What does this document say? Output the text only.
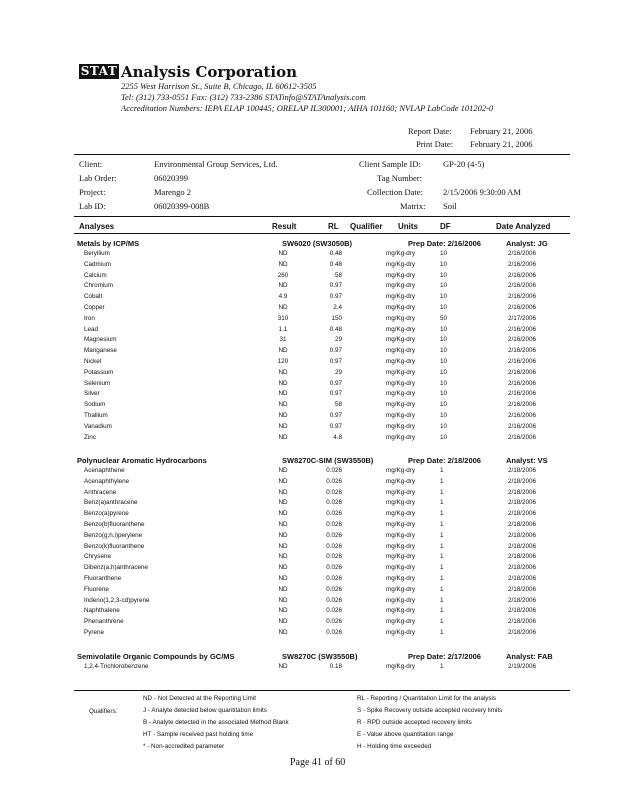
STAT Analysis Corporation
2255 West Harrison St., Suite B, Chicago, IL 60612-3505
Tel: (312) 733-0551 Fax: (312) 733-2386 STATinfo@STATAnalysis.com
Accreditation Numbers: IEPA ELAP 100445; ORELAP IL300001; AIHA 101160; NVLAP LabCode 101202-0
Report Date: February 21, 2006
Print Date: February 21, 2006
Client:	Environmental Group Services, Ltd.
Lab Order:	06020399
Project:	Marengo 2
Lab ID:	06020399-008B
Client Sample ID:	GP-20 (4-5)
Tag Number:
Collection Date: 2/15/2006 9:30:00 AM
Matrix: Soil
Analyses	Result	RL Qualifier Units	DF	Date Analyzed
Metals by ICP/MS	SW6020 (SW3050B)	Prep Date: 2/16/2006	Analyst: JG
Beryllium	ND	0.48	mg/Kg-dry	10	2/16/2006
Cadmium	ND	0.48	mg/Kg-dry	10	2/16/2006
Calcium	260	58	mg/Kg-dry	10	2/16/2006
Chromium	ND	0.97	mg/Kg-dry	10	2/16/2006
Cobalt	4.9	0.97	mg/Kg-dry	10	2/16/2006
Copper	ND	2.4	mg/Kg-dry	10	2/16/2006
Iron	310	150	mg/Kg-dry	50	2/17/2006
Lead	1.1	0.48	mg/Kg-dry	10	2/16/2006
Magnesium	31	29	mg/Kg-dry	10	2/16/2006
Manganese	ND	0.97	mg/Kg-dry	10	2/16/2006
Nickel	120	0.97	mg/Kg-dry	10	2/16/2006
Potassium	ND	29	mg/Kg-dry	10	2/16/2006
Selenium	ND	0.97	mg/Kg-dry	10	2/16/2006
Silver	ND	0.97	mg/Kg-dry	10	2/16/2006
Sodium	ND	58	mg/Kg-dry	10	2/16/2006
Thallium	ND	0.97	mg/Kg-dry	10	2/16/2006
Vanadium	ND	0.97	mg/Kg-dry	10	2/16/2006
Zinc	ND	4.8	mg/Kg-dry	10	2/16/2006
Polynuclear Aromatic Hydrocarbons	SW8270C-SIM (SW3550B)	Prep Date: 2/18/2006	Analyst: VS
Acenaphthene	ND	0.026	mg/Kg-dry	1	2/18/2006
Acenaphthylene	ND	0.026	mg/Kg-dry	1	2/18/2006
Anthracene	ND	0.026	mg/Kg-dry	1	2/18/2006
Benz(a)anthracene	ND	0.026	mg/Kg-dry	1	2/18/2006
Benzo(a)pyrene	ND	0.026	mg/Kg-dry	1	2/18/2006
Benzo(b)fluoranthene	ND	0.026	mg/Kg-dry	1	2/18/2006
Benzo(g,h,i)perylene	ND	0.026	mg/Kg-dry	1	2/18/2006
Benzo(k)fluoranthene	ND	0.026	mg/Kg-dry	1	2/18/2006
Chrysene	ND	0.026	mg/Kg-dry	1	2/18/2006
Dibenz(a,h)anthracene	ND	0.026	mg/Kg-dry	1	2/18/2006
Fluoranthene	ND	0.026	mg/Kg-dry	1	2/18/2006
Fluorene	ND	0.026	mg/Kg-dry	1	2/18/2006
Indeno(1,2,3-cd)pyrene	ND	0.026	mg/Kg-dry	1	2/18/2006
Naphthalene	ND	0.026	mg/Kg-dry	1	2/18/2006
Phenanthrene	ND	0.026	mg/Kg-dry	1	2/18/2006
Pyrene	ND	0.026	mg/Kg-dry	1	2/18/2006
Semivolatile Organic Compounds by GC/MS	SW8270C (SW3550B)	Prep Date: 2/17/2006	Analyst: FAB
1,2,4-Trichlorobenzene	ND	0.18	mg/Kg-dry	1	2/19/2006
Qualifiers:
ND - Not Detected at the Reporting Limit
J - Analyte detected below quantitation limits
B - Analyte detected in the associated Method Blank
HT - Sample received past holding time
* - Non-accredited parameter
RL - Reporting / Quantitation Limit for the analysis
S - Spike Recovery outside accepted recovery limits
R - RPD outside accepted recovery limits
E - Value above quantitation range
H - Holding time exceeded
Page 41 of 60
